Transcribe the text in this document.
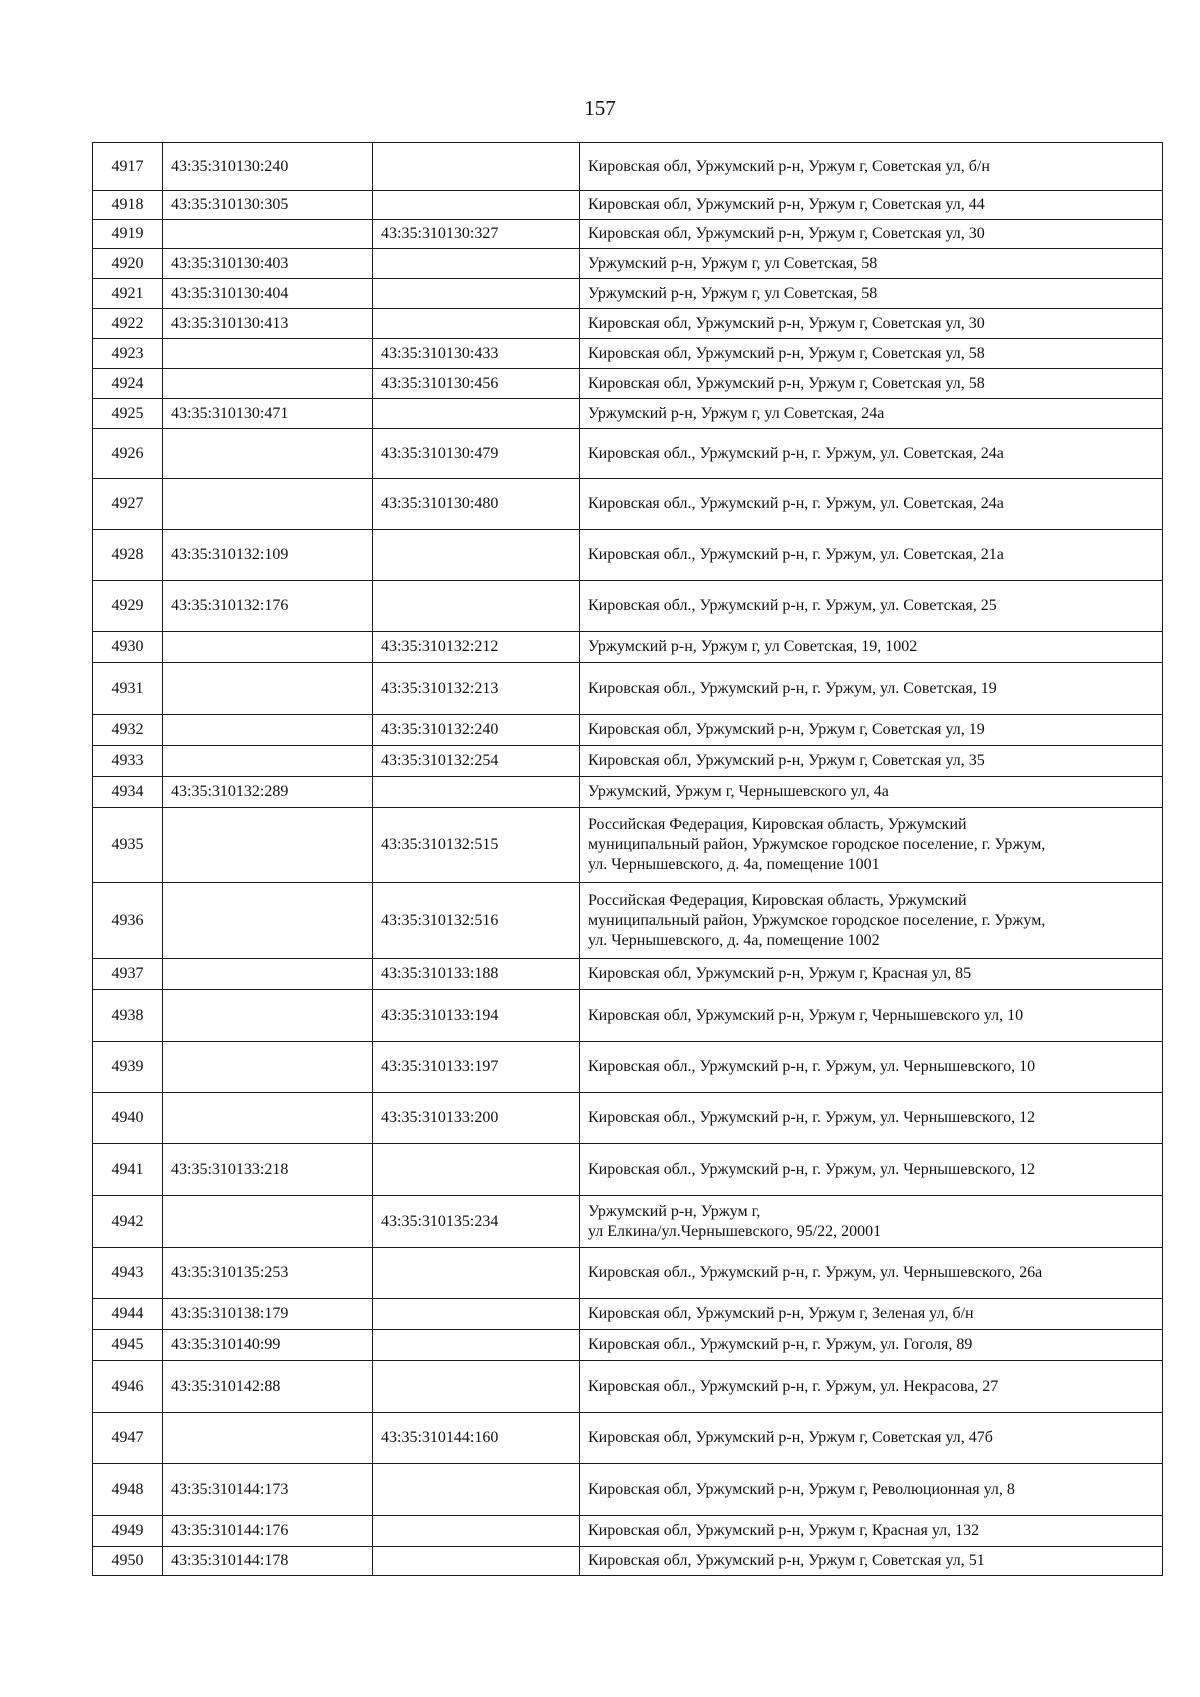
157
4917	43:35:310130:240		Кировская обл, Уржумский р-н, Уржум г, Советская ул, б/н

4918	43:35:310130:305		Кировская обл, Уржумский р-н, Уржум г, Советская ул, 44

4919		43:35:310130:327	Кировская обл, Уржумский р-н, Уржум г, Советская ул, 30

4920	43:35:310130:403		Уржумский р-н, Уржум г, ул Советская, 58

4921	43:35:310130:404		Уржумский р-н, Уржум г, ул Советская, 58

4922	43:35:310130:413		Кировская обл, Уржумский р-н, Уржум г, Советская ул, 30

4923		43:35:310130:433	Кировская обл, Уржумский р-н, Уржум г, Советская ул, 58

4924		43:35:310130:456	Кировская обл, Уржумский р-н, Уржум г, Советская ул, 58

4925	43:35:310130:471		Уржумский р-н, Уржум г, ул Советская, 24а

4926		43:35:310130:479	Кировская обл., Уржумский р-н, г. Уржум, ул. Советская, 24а

4927		43:35:310130:480	Кировская обл., Уржумский р-н, г. Уржум, ул. Советская, 24а

4928	43:35:310132:109		Кировская обл., Уржумский р-н, г. Уржум, ул. Советская, 21а

4929	43:35:310132:176		Кировская обл., Уржумский р-н, г. Уржум, ул. Советская, 25

4930		43:35:310132:212	Уржумский р-н, Уржум г, ул Советская, 19, 1002

4931		43:35:310132:213	Кировская обл., Уржумский р-н, г. Уржум, ул. Советская, 19

4932		43:35:310132:240	Кировская обл, Уржумский р-н, Уржум г, Советская ул, 19

4933		43:35:310132:254	Кировская обл, Уржумский р-н, Уржум г, Советская ул, 35

4934	43:35:310132:289		Уржумский, Уржум г, Чернышевского ул, 4а

4935		43:35:310132:515	Российская Федерация, Кировская область, Уржумский
муниципальный район, Уржумское городское поселение, г. Уржум,
ул. Чернышевского, д. 4а, помещение 1001

4936		43:35:310132:516	Российская Федерация, Кировская область, Уржумский
муниципальный район, Уржумское городское поселение, г. Уржум,
ул. Чернышевского, д. 4а, помещение 1002

4937		43:35:310133:188	Кировская обл, Уржумский р-н, Уржум г, Красная ул, 85

4938		43:35:310133:194	Кировская обл, Уржумский р-н, Уржум г, Чернышевского ул, 10

4939		43:35:310133:197	Кировская обл., Уржумский р-н, г. Уржум, ул. Чернышевского, 10

4940		43:35:310133:200	Кировская обл., Уржумский р-н, г. Уржум, ул. Чернышевского, 12

4941	43:35:310133:218		Кировская обл., Уржумский р-н, г. Уржум, ул. Чернышевского, 12

4942		43:35:310135:234	Уржумский р-н, Уржум г,
ул Елкина/ул.Чернышевского, 95/22, 20001

4943	43:35:310135:253		Кировская обл., Уржумский р-н, г. Уржум, ул. Чернышевского, 26а

4944	43:35:310138:179		Кировская обл, Уржумский р-н, Уржум г, Зеленая ул, б/н

4945	43:35:310140:99		Кировская обл., Уржумский р-н, г. Уржум, ул. Гоголя, 89

4946	43:35:310142:88		Кировская обл., Уржумский р-н, г. Уржум, ул. Некрасова, 27

4947		43:35:310144:160	Кировская обл, Уржумский р-н, Уржум г, Советская ул, 47б

4948	43:35:310144:173		Кировская обл, Уржумский р-н, Уржум г, Революционная ул, 8

4949	43:35:310144:176		Кировская обл, Уржумский р-н, Уржум г, Красная ул, 132

4950	43:35:310144:178		Кировская обл, Уржумский р-н, Уржум г, Советская ул, 51
